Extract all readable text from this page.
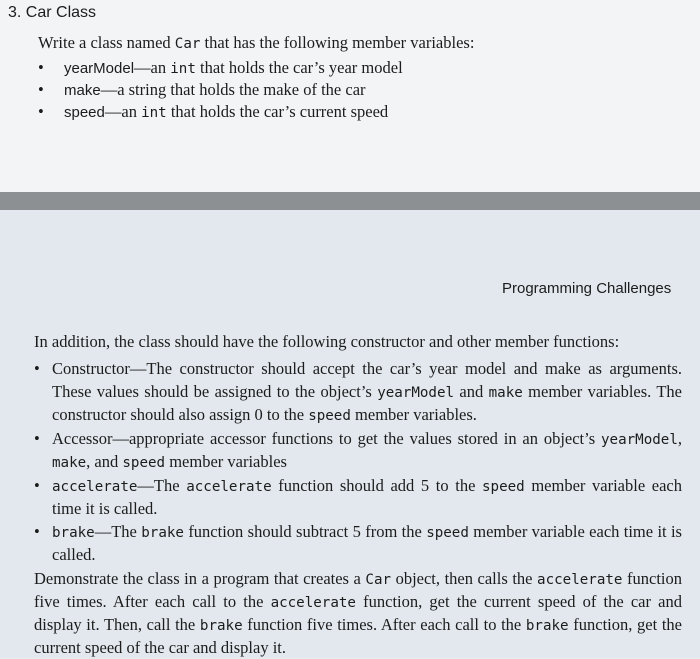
3. Car Class
Write a class named Car that has the following member variables:
• yearModel—an int that holds the car’s year model
• make—a string that holds the make of the car
• speed—an int that holds the car’s current speed
Programming Challenges
In addition, the class should have the following constructor and other member functions:
• Constructor—The constructor should accept the car’s year model and make as arguments. These values should be assigned to the object’s yearModel and make member variables. The constructor should also assign 0 to the speed member variables.
• Accessor—appropriate accessor functions to get the values stored in an object’s yearModel, make, and speed member variables
• accelerate—The accelerate function should add 5 to the speed member variable each time it is called.
• brake—The brake function should subtract 5 from the speed member variable each time it is called.
Demonstrate the class in a program that creates a Car object, then calls the accelerate function five times. After each call to the accelerate function, get the current speed of the car and display it. Then, call the brake function five times. After each call to the brake function, get the current speed of the car and display it.
